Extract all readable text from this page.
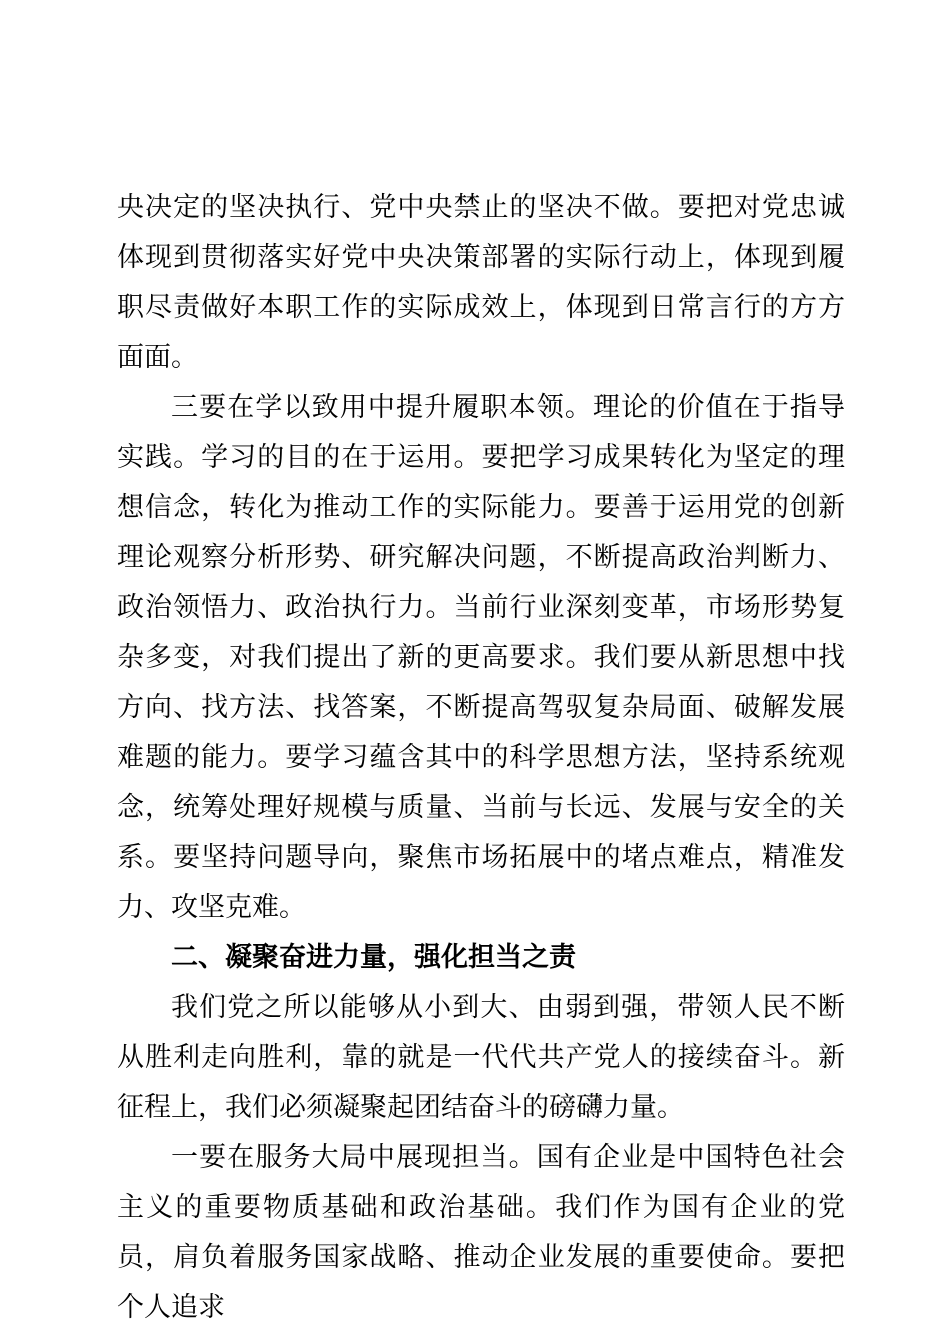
央决定的坚决执行、党中央禁止的坚决不做。要把对党忠诚体现到贯彻落实好党中央决策部署的实际行动上，体现到履职尽责做好本职工作的实际成效上，体现到日常言行的方方面面。

三要在学以致用中提升履职本领。理论的价值在于指导实践。学习的目的在于运用。要把学习成果转化为坚定的理想信念，转化为推动工作的实际能力。要善于运用党的创新理论观察分析形势、研究解决问题，不断提高政治判断力、政治领悟力、政治执行力。当前行业深刻变革，市场形势复杂多变，对我们提出了新的更高要求。我们要从新思想中找方向、找方法、找答案，不断提高驾驭复杂局面、破解发展难题的能力。要学习蕴含其中的科学思想方法，坚持系统观念，统筹处理好规模与质量、当前与长远、发展与安全的关系。要坚持问题导向，聚焦市场拓展中的堵点难点，精准发力、攻坚克难。

二、凝聚奋进力量，强化担当之责

我们党之所以能够从小到大、由弱到强，带领人民不断从胜利走向胜利，靠的就是一代代共产党人的接续奋斗。新征程上，我们必须凝聚起团结奋斗的磅礴力量。

一要在服务大局中展现担当。国有企业是中国特色社会主义的重要物质基础和政治基础。我们作为国有企业的党员，肩负着服务国家战略、推动企业发展的重要使命。要把个人追求
